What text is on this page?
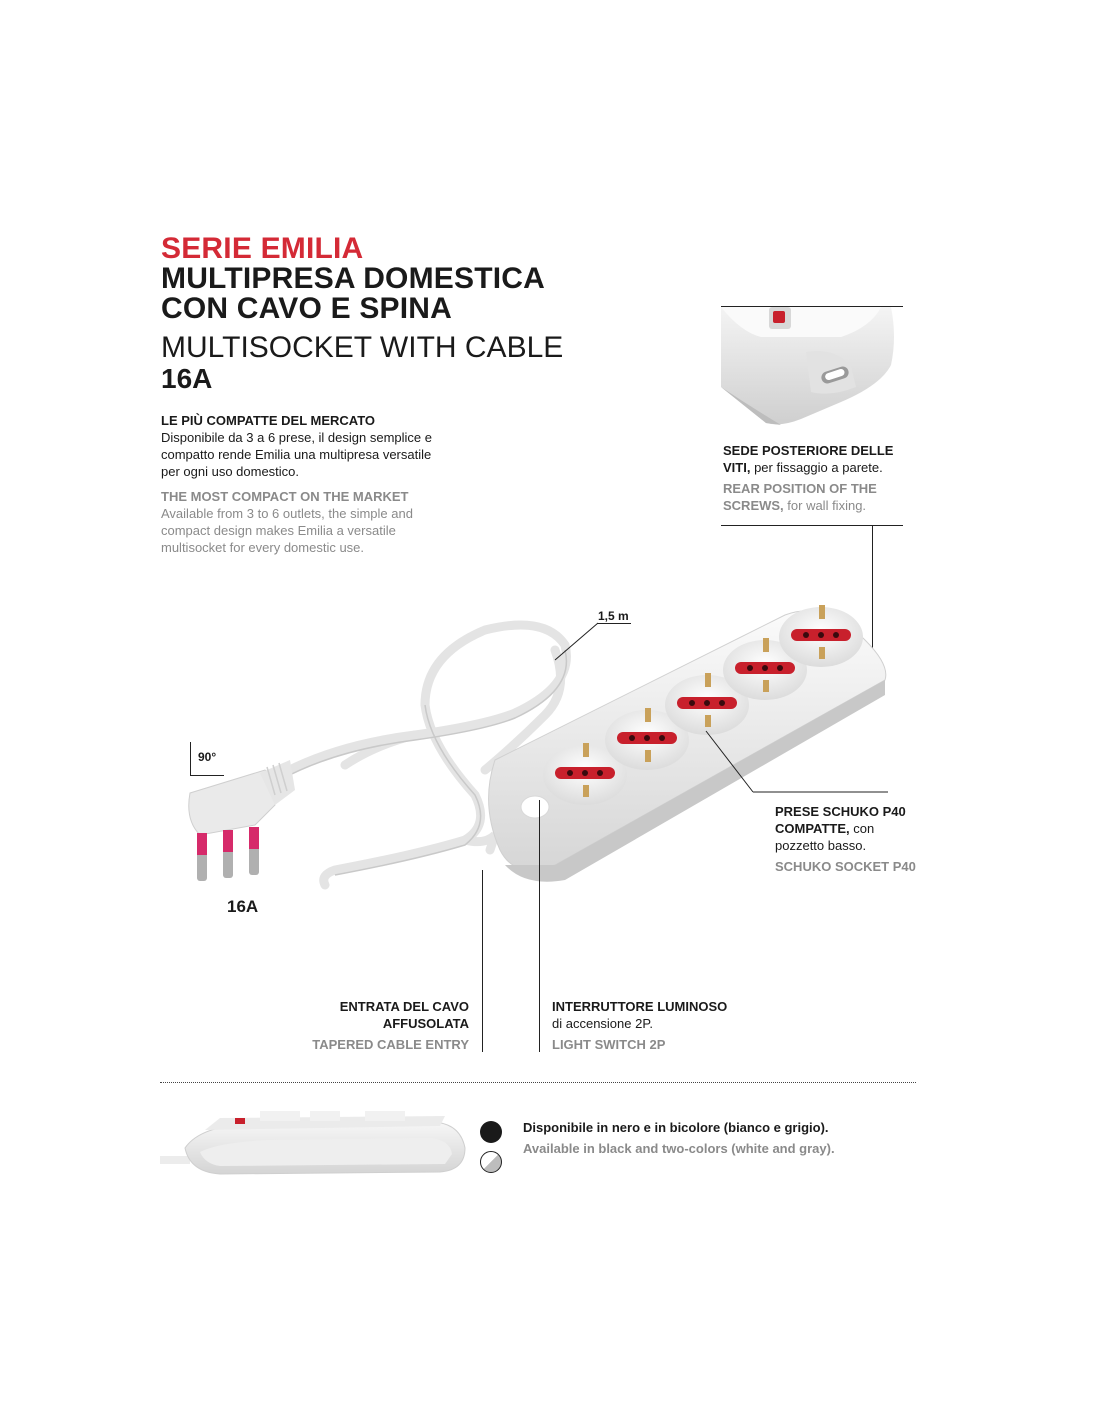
SERIE EMILIA
MULTIPRESA DOMESTICA
CON CAVO E SPINA
MULTISOCKET WITH CABLE
16A
LE PIÙ COMPATTE DEL MERCATO
Disponibile da 3 a 6 prese, il design semplice e
compatto rende Emilia una multipresa versatile
per ogni uso domestico.
THE MOST COMPACT ON THE MARKET
Available from 3 to 6 outlets, the simple and
compact design makes Emilia a versatile
multisocket for every domestic use.
SEDE POSTERIORE DELLE
VITI, per fissaggio a parete.
REAR POSITION OF THE
SCREWS, for wall fixing.
1,5 m
90°
16A
PRESE SCHUKO P40
COMPATTE, con
pozzetto basso.
SCHUKO SOCKET P40
ENTRATA DEL CAVO
AFFUSOLATA
TAPERED CABLE ENTRY
INTERRUTTORE LUMINOSO
di accensione 2P.
LIGHT SWITCH 2P
Disponibile in nero e in bicolore (bianco e grigio).
Available in black and two-colors (white and gray).
